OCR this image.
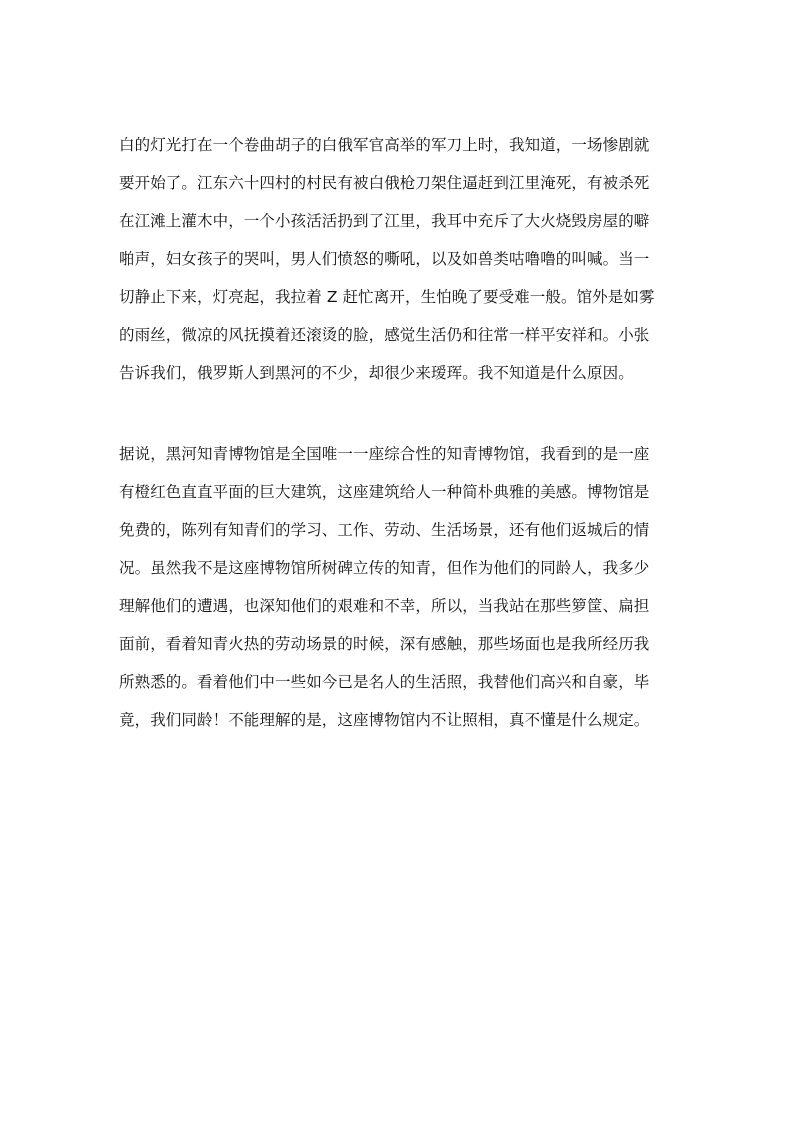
白的灯光打在一个卷曲胡子的白俄军官高举的军刀上时，我知道，一场惨剧就
要开始了。江东六十四村的村民有被白俄枪刀架住逼赶到江里淹死，有被杀死
在江滩上灌木中，一个小孩活活扔到了江里，我耳中充斥了大火烧毁房屋的噼
啪声，妇女孩子的哭叫，男人们愤怒的嘶吼，以及如兽类咕噜噜的叫喊。当一
切静止下来，灯亮起，我拉着 Z 赶忙离开，生怕晚了要受难一般。馆外是如雾
的雨丝，微凉的风抚摸着还滚烫的脸，感觉生活仍和往常一样平安祥和。小张
告诉我们，俄罗斯人到黑河的不少，却很少来瑷珲。我不知道是什么原因。
据说，黑河知青博物馆是全国唯一一座综合性的知青博物馆，我看到的是一座
有橙红色直直平面的巨大建筑，这座建筑给人一种简朴典雅的美感。博物馆是
免费的，陈列有知青们的学习、工作、劳动、生活场景，还有他们返城后的情
况。虽然我不是这座博物馆所树碑立传的知青，但作为他们的同龄人，我多少
理解他们的遭遇，也深知他们的艰难和不幸，所以，当我站在那些箩筐、扁担
面前，看着知青火热的劳动场景的时候，深有感触，那些场面也是我所经历我
所熟悉的。看着他们中一些如今已是名人的生活照，我替他们高兴和自豪，毕
竟，我们同龄！不能理解的是，这座博物馆内不让照相，真不懂是什么规定。
